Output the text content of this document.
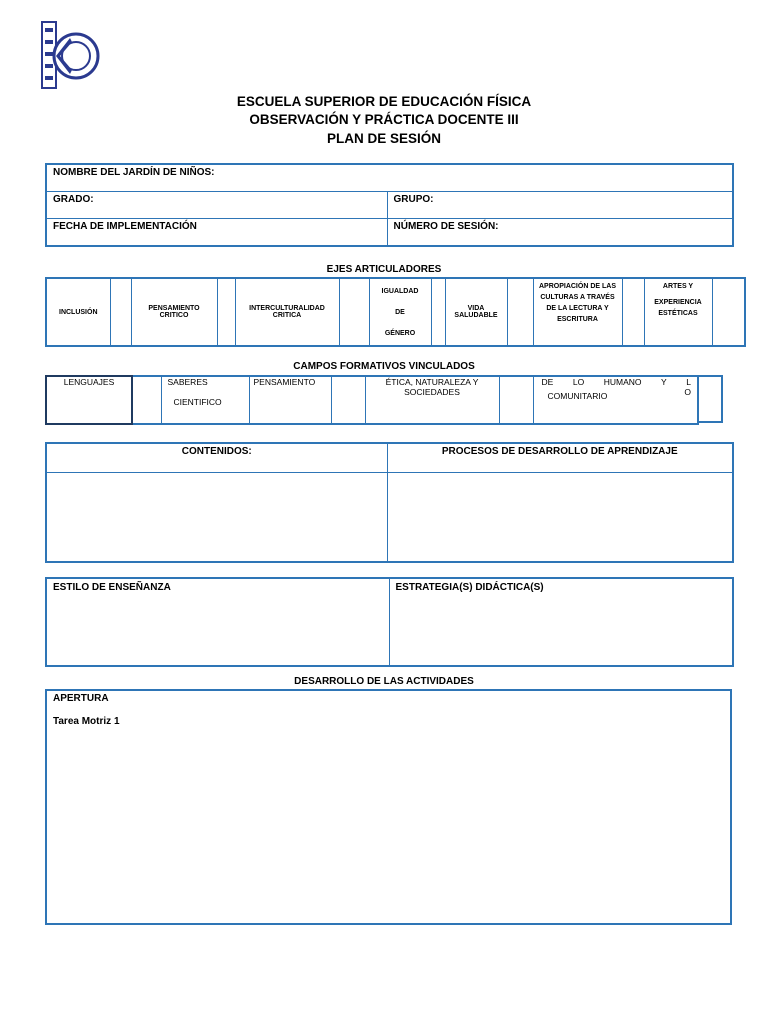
ESCUELA SUPERIOR DE EDUCACIÓN FÍSICA
OBSERVACIÓN Y PRÁCTICA DOCENTE III
PLAN DE SESIÓN
NOMBRE DEL JARDÍN DE NIÑOS:	

GRADO:	GRUPO:

FECHA DE IMPLEMENTACIÓN	NÚMERO DE SESIÓN:
EJES ARTICULADORES
INCLUSIÓN		PENSAMIENTO
CRITICO

INTERCULTURALIDAD
CRITICA

IGUALDAD
DE
GÉNERO

VIDA
SALUDABLE

APROPIACIÓN DE LAS
CULTURAS A TRAVÉS
DE LA LECTURA Y
ESCRITURA

ARTES Y
EXPERIENCIA
ESTÉTICAS

CAMPOS FORMATIVOS VINCULADOS
LENGUAJES		SABERES
CIENTIFICO
	PENSAMIENTO		ÉTICA, NATURALEZA Y
SOCIEDADES

DE LO HUMANO Y L
COMUNITARIO	O
CONTENIDOS:	PROCESOS DE DESARROLLO DE APRENDIZAJE

ESTILO DE ENSEÑANZA	ESTRATEGIA(S) DIDÁCTICA(S)
DESARROLLO DE LAS ACTIVIDADES
APERTURA
Tarea Motriz 1
